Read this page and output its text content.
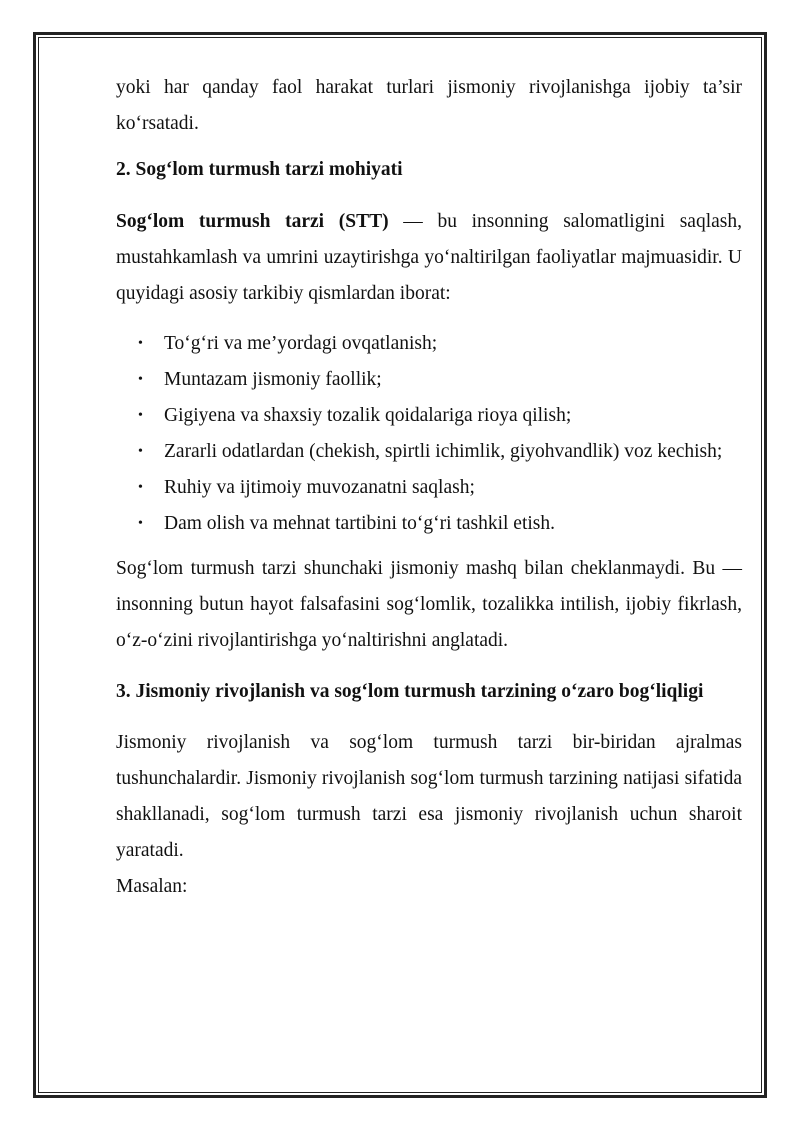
yoki har qanday faol harakat turlari jismoniy rivojlanishga ijobiy ta’sir ko‘rsatadi.

2. Sog‘lom turmush tarzi mohiyati

Sog‘lom turmush tarzi (STT) — bu insonning salomatligini saqlash, mustahkamlash va umrini uzaytirishga yo‘naltirilgan faoliyatlar majmuasidir. U quyidagi asosiy tarkibiy qismlardan iborat:

• To‘g‘ri va me’yordagi ovqatlanish;
• Muntazam jismoniy faollik;
• Gigiyena va shaxsiy tozalik qoidalariga rioya qilish;
• Zararli odatlardan (chekish, spirtli ichimlik, giyohvandlik) voz kechish;
• Ruhiy va ijtimoiy muvozanatni saqlash;
• Dam olish va mehnat tartibini to‘g‘ri tashkil etish.

Sog‘lom turmush tarzi shunchaki jismoniy mashq bilan cheklanmaydi. Bu — insonning butun hayot falsafasini sog‘lomlik, tozalikka intilish, ijobiy fikrlash, o‘z-o‘zini rivojlantirishga yo‘naltirishni anglatadi.

3. Jismoniy rivojlanish va sog‘lom turmush tarzining o‘zaro bog‘liqligi

Jismoniy rivojlanish va sog‘lom turmush tarzi bir-biridan ajralmas tushunchalardir. Jismoniy rivojlanish sog‘lom turmush tarzining natijasi sifatida shakllanadi, sog‘lom turmush tarzi esa jismoniy rivojlanish uchun sharoit yaratadi.

Masalan:
